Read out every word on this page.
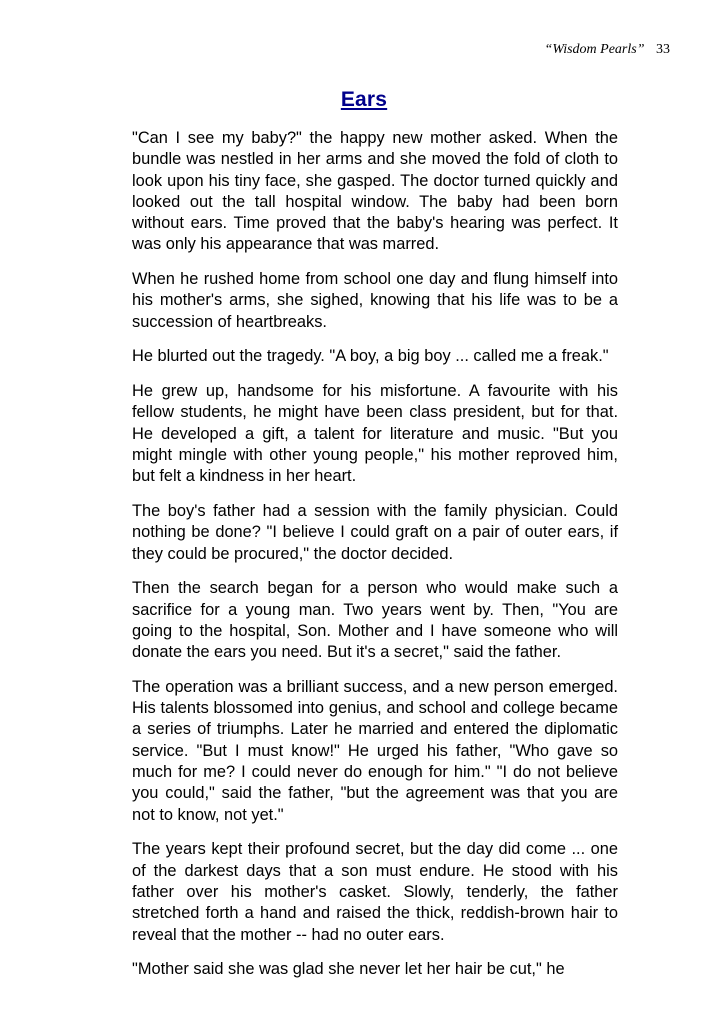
“Wisdom Pearls” 33
Ears

"Can I see my baby?" the happy new mother asked. When the bundle was nestled in her arms and she moved the fold of cloth to look upon his tiny face, she gasped. The doctor turned quickly and looked out the tall hospital window. The baby had been born without ears. Time proved that the baby's hearing was perfect. It was only his appearance that was marred.

When he rushed home from school one day and flung himself into his mother's arms, she sighed, knowing that his life was to be a succession of heartbreaks.

He blurted out the tragedy. "A boy, a big boy ... called me a freak."

He grew up, handsome for his misfortune. A favourite with his fellow students, he might have been class president, but for that. He developed a gift, a talent for literature and music. "But you might mingle with other young people," his mother reproved him, but felt a kindness in her heart.

The boy's father had a session with the family physician. Could nothing be done? "I believe I could graft on a pair of outer ears, if they could be procured," the doctor decided.

Then the search began for a person who would make such a sacrifice for a young man. Two years went by. Then, "You are going to the hospital, Son. Mother and I have someone who will donate the ears you need. But it's a secret," said the father.

The operation was a brilliant success, and a new person emerged. His talents blossomed into genius, and school and college became a series of triumphs. Later he married and entered the diplomatic service. "But I must know!" He urged his father, "Who gave so much for me? I could never do enough for him." "I do not believe you could," said the father, "but the agreement was that you are not to know, not yet."

The years kept their profound secret, but the day did come ... one of the darkest days that a son must endure. He stood with his father over his mother's casket. Slowly, tenderly, the father stretched forth a hand and raised the thick, reddish-brown hair to reveal that the mother -- had no outer ears.

"Mother said she was glad she never let her hair be cut," he
